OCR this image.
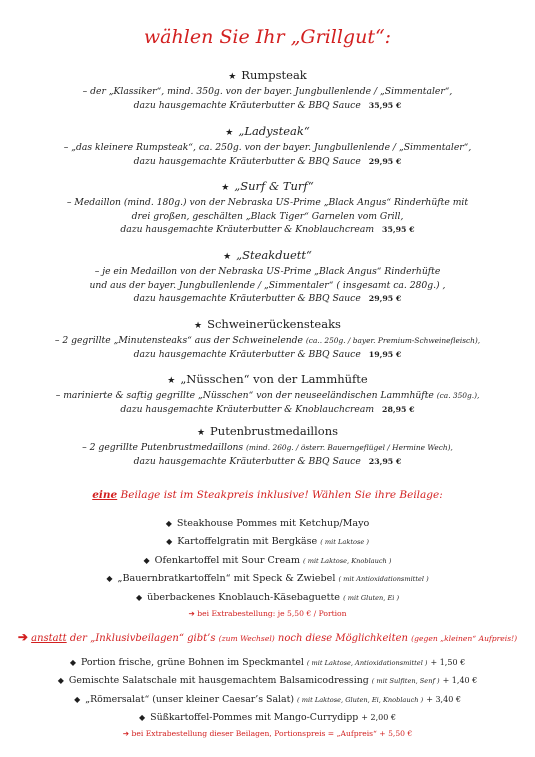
wählen Sie Ihr „Grillgut“:
★ Rumpsteak
– der „Klassiker“, mind. 350g. von der bayer. Jungbullenlende / „Simmentaler“,
dazu hausgemachte Kräuterbutter & BBQ Sauce 35,95 €
★ „Ladysteak“
– „das kleinere Rumpsteak“, ca. 250g. von der bayer. Jungbullenlende / „Simmentaler“,
dazu hausgemachte Kräuterbutter & BBQ Sauce 29,95 €
★ „Surf & Turf“
– Medaillon (mind. 180g.) von der Nebraska US-Prime „Black Angus“ Rinderhüfte mit
drei großen, geschälten „Black Tiger“ Garnelen vom Grill,
dazu hausgemachte Kräuterbutter & Knoblauchcream 35,95 €
★ „Steakduett“
– je ein Medaillon von der Nebraska US-Prime „Black Angus“ Rinderhüfte
und aus der bayer. Jungbullenlende / „Simmentaler“ ( insgesamt ca. 280g.) ,
dazu hausgemachte Kräuterbutter & BBQ Sauce 29,95 €
★ Schweinerückensteaks
– 2 gegrillte „Minutensteaks“ aus der Schweinelende (ca.. 250g. / bayer. Premium-Schweinefleisch),
dazu hausgemachte Kräuterbutter & BBQ Sauce 19,95 €
★ „Nüsschen“ von der Lammhüfte
– marinierte & saftig gegrillte „Nüsschen“ von der neuseeländischen Lammhüfte (ca. 350g.),
dazu hausgemachte Kräuterbutter & Knoblauchcream 28,95 €
★ Putenbrustmedaillons
– 2 gegrillte Putenbrustmedaillons (mind. 260g. / österr. Bauerngeflügel / Hermine Wech),
dazu hausgemachte Kräuterbutter & BBQ Sauce 23,95 €
eine Beilage ist im Steakpreis inklusive! Wählen Sie ihre Beilage:
◆ Steakhouse Pommes mit Ketchup/Mayo
◆ Kartoffelgratin mit Bergkäse ( mit Laktose )
◆ Ofenkartoffel mit Sour Cream ( mit Laktose, Knoblauch )
◆ „Bauernbratkartoffeln“ mit Speck & Zwiebel ( mit Antioxidationsmittel )
◆ überbackenes Knoblauch-Käsebaguette ( mit Gluten, Ei )
➔ bei Extrabestellung: je 5,50 € / Portion
➔ anstatt der „Inklusivbeilagen“ gibt’s (zum Wechsel) noch diese Möglichkeiten (gegen „kleinen“ Aufpreis!)
◆ Portion frische, grüne Bohnen im Speckmantel ( mit Laktose, Antioxidationsmittel ) + 1,50 €
◆ Gemischte Salatschale mit hausgemachtem Balsamicodressing ( mit Sulfiten, Senf ) + 1,40 €
◆ „Römersalat“ (unser kleiner Caesar’s Salat) ( mit Laktose, Gluten, Ei, Knoblauch ) + 3,40 €
◆ Süßkartoffel-Pommes mit Mango-Currydipp + 2,00 €
➔ bei Extrabestellung dieser Beilagen, Portionspreis = „Aufpreis“ + 5,50 €
